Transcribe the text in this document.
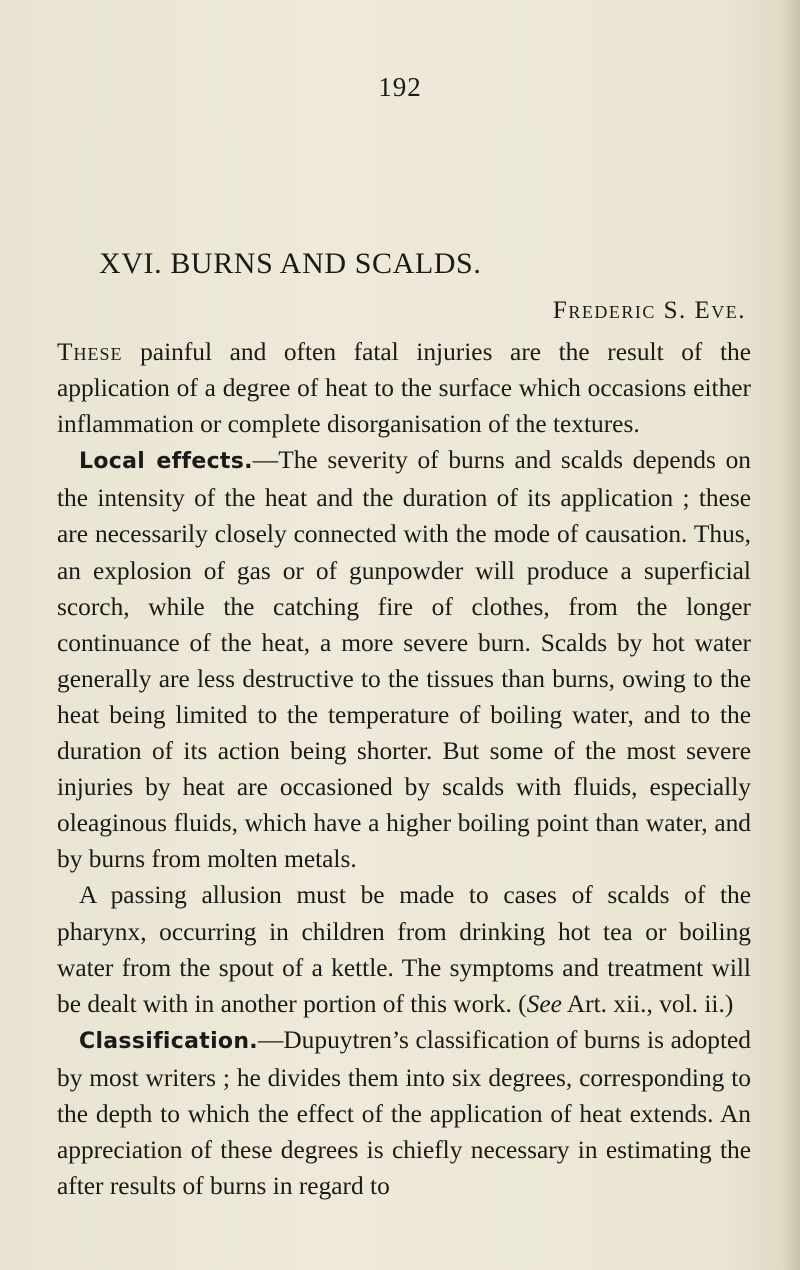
192
XVI. BURNS AND SCALDS.
Frederic S. Eve.

These painful and often fatal injuries are the result of the application of a degree of heat to the surface which occasions either inflammation or complete disorganisation of the textures.

Local effects.—The severity of burns and scalds depends on the intensity of the heat and the duration of its application ; these are necessarily closely connected with the mode of causation. Thus, an explosion of gas or of gunpowder will produce a superficial scorch, while the catching fire of clothes, from the longer continuance of the heat, a more severe burn. Scalds by hot water generally are less destructive to the tissues than burns, owing to the heat being limited to the temperature of boiling water, and to the duration of its action being shorter. But some of the most severe injuries by heat are occasioned by scalds with fluids, especially oleaginous fluids, which have a higher boiling point than water, and by burns from molten metals.

A passing allusion must be made to cases of scalds of the pharynx, occurring in children from drinking hot tea or boiling water from the spout of a kettle. The symptoms and treatment will be dealt with in another portion of this work. (See Art. xii., vol. ii.)

Classification.—Dupuytren’s classification of burns is adopted by most writers ; he divides them into six degrees, corresponding to the depth to which the effect of the application of heat extends. An appreciation of these degrees is chiefly necessary in estimating the after results of burns in regard to
